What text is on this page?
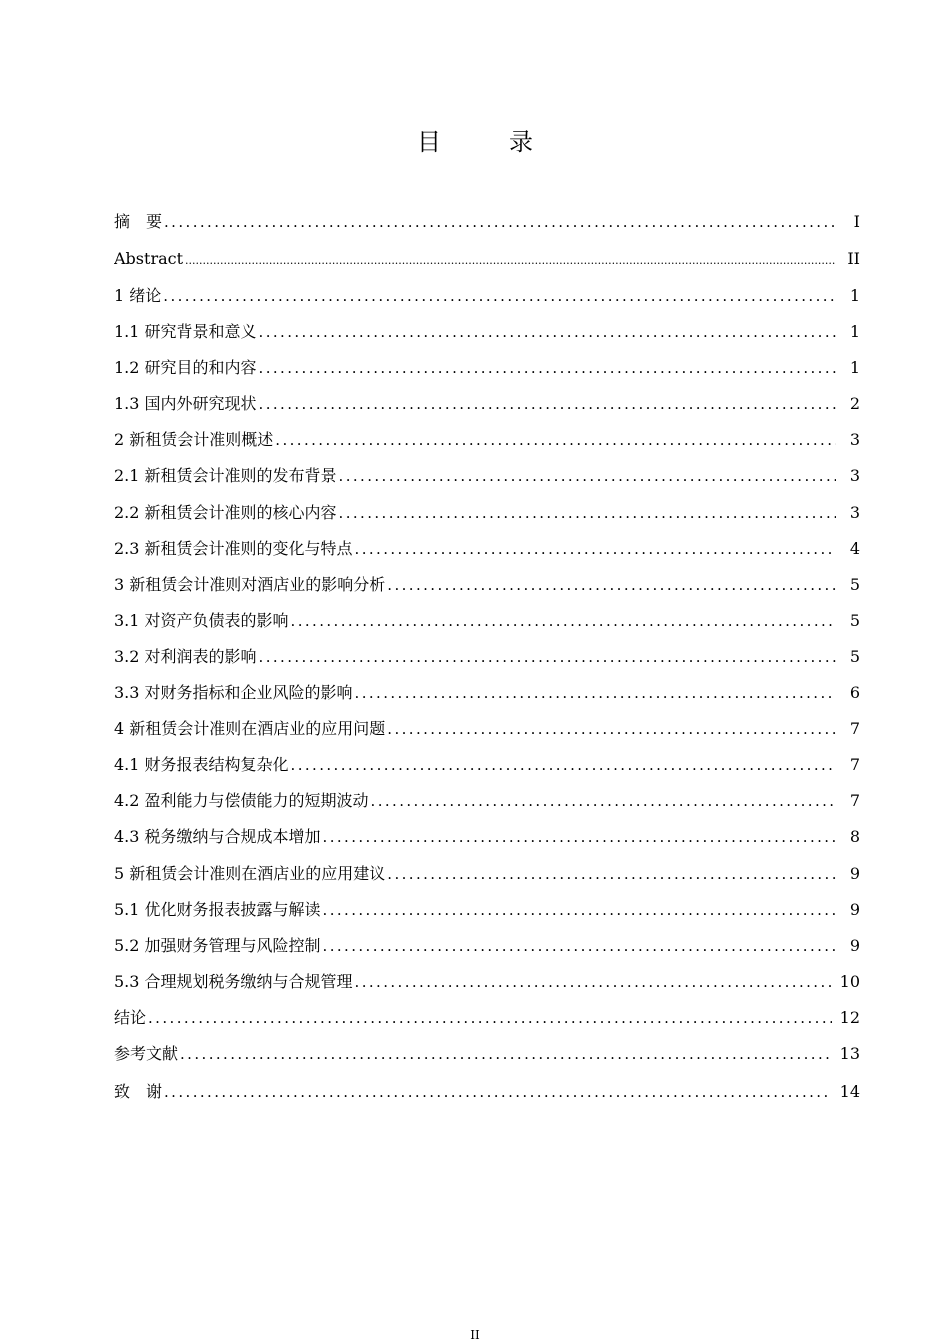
目　录
摘　要 .....	I
Abstract .....	II
1 绪论 .....	1
1.1 研究背景和意义 .....	1
1.2 研究目的和内容 .....	1
1.3 国内外研究现状 .....	2
2 新租赁会计准则概述 .....	3
2.1 新租赁会计准则的发布背景 .....	3
2.2 新租赁会计准则的核心内容 .....	3
2.3 新租赁会计准则的变化与特点 .....	4
3 新租赁会计准则对酒店业的影响分析 .....	5
3.1 对资产负债表的影响 .....	5
3.2 对利润表的影响 .....	5
3.3 对财务指标和企业风险的影响 .....	6
4 新租赁会计准则在酒店业的应用问题 .....	7
4.1 财务报表结构复杂化 .....	7
4.2 盈利能力与偿债能力的短期波动 .....	7
4.3 税务缴纳与合规成本增加 .....	8
5 新租赁会计准则在酒店业的应用建议 .....	9
5.1 优化财务报表披露与解读 .....	9
5.2 加强财务管理与风险控制 .....	9
5.3 合理规划税务缴纳与合规管理 .....	10
结论 .....	12
参考文献 .....	13
致　谢 .....	14
II
